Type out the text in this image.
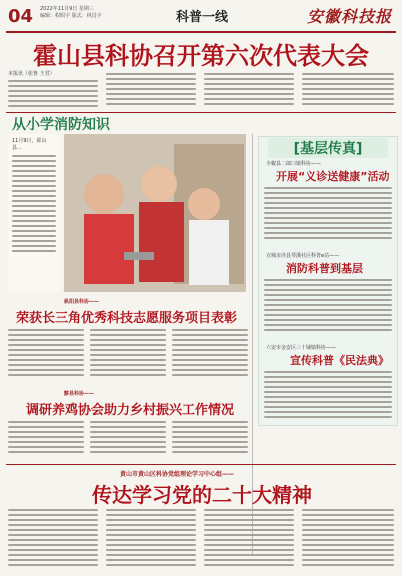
04 2022年11月9日 星期三
编辑：程昭宇 版式：林昌宇	科普一线	安徽科技报
霍山县科协召开第六次代表大会
本报讯（张鲁 王君）
从小学消防知识
11月9日，霍山县...
枞阳县科协——
荣获长三角优秀科技志愿服务项目表彰
黟县科协——
调研养鸡协会助力乡村振兴工作情况
[基层传真]
全椒县二郎口镇科协——
开展“义诊送健康”活动
宣城市泾县琴溪社区科普e站——
消防科普到基层
六安市金安区三十铺镇科协——
宣传科普《民法典》
黄山市黄山区科协党组理论学习中心组——
传达学习党的二十大精神
